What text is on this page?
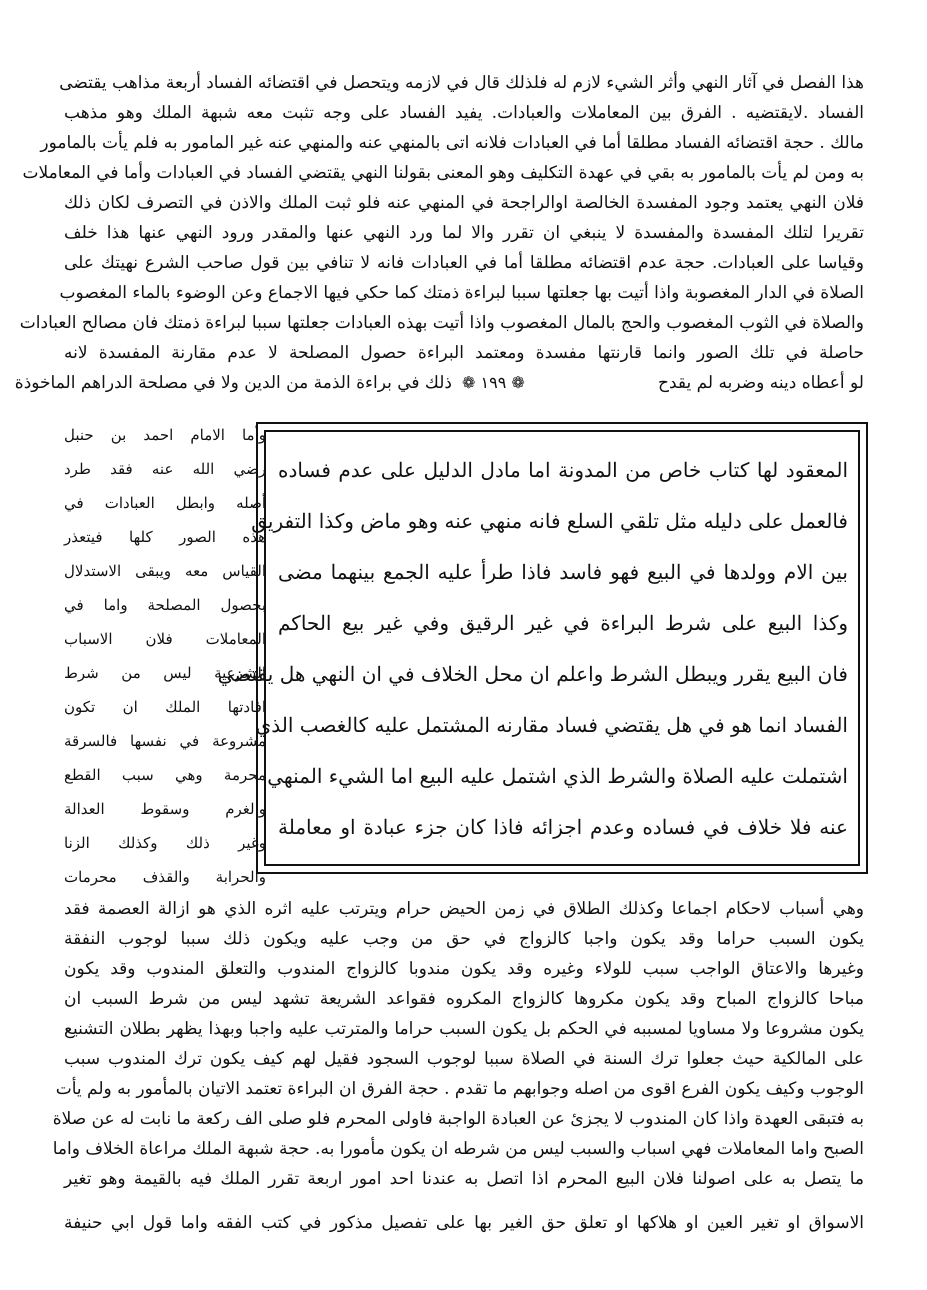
هذا الفصل في آثار النهي وأثر الشيء لازم له فلذلك قال في لازمه ويتحصل في اقتضائه الفساد أربعة مذاهب يقتضى
الفساد .لايقتضيه . الفرق بين المعاملات والعبادات. يفيد الفساد على وجه تثبت معه شبهة الملك وهو مذهب
مالك . حجة اقتضائه الفساد مطلقا أما في العبادات فلانه اتى بالمنهي عنه والمنهي عنه غير المامور به فلم يأت بالمامور
به ومن لم يأت بالمامور به بقي في عهدة التكليف وهو المعنى بقولنا النهي يقتضي الفساد في العبادات وأما في المعاملات
فلان النهي يعتمد وجود المفسدة الخالصة اوالراجحة في المنهي عنه فلو ثبت الملك والاذن في التصرف لكان ذلك
تقريرا لتلك المفسدة والمفسدة لا ينبغي ان تقرر والا لما ورد النهي عنها والمقدر ورود النهي عنها هذا خلف
وقياسا على العبادات. حجة عدم اقتضائه مطلقا أما في العبادات فانه لا تنافي بين قول صاحب الشرع نهيتك على
الصلاة في الدار المغصوبة واذا أتيت بها جعلتها سببا لبراءة ذمتك كما حكي فيها الاجماع وعن الوضوء بالماء المغصوب
والصلاة في الثوب المغصوب والحج بالمال المغصوب واذا أتيت بهذه العبادات جعلتها سببا لبراءة ذمتك فان مصالح العبادات
حاصلة في تلك الصور وانما قارنتها مفسدة ومعتمد البراءة حصول المصلحة لا عدم مقارنة المفسدة لانه
لو أعطاه دينه وضربه لم يقدح
❁ ١٩٩ ❁
ذلك في براءة الذمة من الدين ولا في مصلحة الدراهم الماخوذة
وأما الامام احمد بن حنبل
رضي الله عنه فقد طرد
أصله وابطل العبادات في
هذه الصور كلها فيتعذر
القياس معه ويبقى الاستدلال
بحصول المصلحة واما في
المعاملات فلان الاسباب
الشرعية ليس من شرط
افادتها الملك ان تكون
مشروعة في نفسها فالسرقة
محرمة وهي سبب القطع
والغرم وسقوط العدالة
وغير ذلك وكذلك الزنا
والحرابة والقذف محرمات
المعقود لها كتاب خاص من المدونة اما مادل الدليل على عدم فساده
فالعمل على دليله مثل تلقي السلع فانه منهي عنه وهو ماض وكذا التفريق
بين الام وولدها في البيع فهو فاسد فاذا طرأ عليه الجمع بينهما مضى
وكذا البيع على شرط البراءة في غير الرقيق وفي غير بيع الحاكم
فان البيع يقرر ويبطل الشرط واعلم ان محل الخلاف في ان النهي هل يقتضي
الفساد انما هو في هل يقتضي فساد مقارنه المشتمل عليه كالغصب الذي
اشتملت عليه الصلاة والشرط الذي اشتمل عليه البيع اما الشيء المنهي
عنه فلا خلاف في فساده وعدم اجزائه فاذا كان جزء عبادة او معاملة
وهي أسباب لاحكام اجماعا وكذلك الطلاق في زمن الحيض حرام ويترتب عليه اثره الذي هو ازالة العصمة فقد
يكون السبب حراما وقد يكون واجبا كالزواج في حق من وجب عليه ويكون ذلك سببا لوجوب النفقة
وغيرها والاعتاق الواجب سبب للولاء وغيره وقد يكون مندوبا كالزواج المندوب والتعلق المندوب وقد يكون
مباحا كالزواج المباح وقد يكون مكروها كالزواج المكروه فقواعد الشريعة تشهد ليس من شرط السبب ان
يكون مشروعا ولا مساويا لمسببه في الحكم بل يكون السبب حراما والمترتب عليه واجبا وبهذا يظهر بطلان التشنيع
على المالكية حيث جعلوا ترك السنة في الصلاة سببا لوجوب السجود فقيل لهم كيف يكون ترك المندوب سبب
الوجوب وكيف يكون الفرع اقوى من اصله وجوابهم ما تقدم . حجة الفرق ان البراءة تعتمد الاتيان بالمأمور به ولم يأت
به فتبقى العهدة واذا كان المندوب لا يجزئ عن العبادة الواجبة فاولى المحرم فلو صلى الف ركعة ما نابت له عن صلاة
الصبح واما المعاملات فهي اسباب والسبب ليس من شرطه ان يكون مأمورا به. حجة شبهة الملك مراعاة الخلاف واما
ما يتصل به على اصولنا فلان البيع المحرم اذا اتصل به عندنا احد امور اربعة تقرر الملك فيه بالقيمة وهو تغير
الاسواق او تغير العين او هلاكها او تعلق حق الغير بها على تفصيل مذكور في كتب الفقه واما قول ابي حنيفة
